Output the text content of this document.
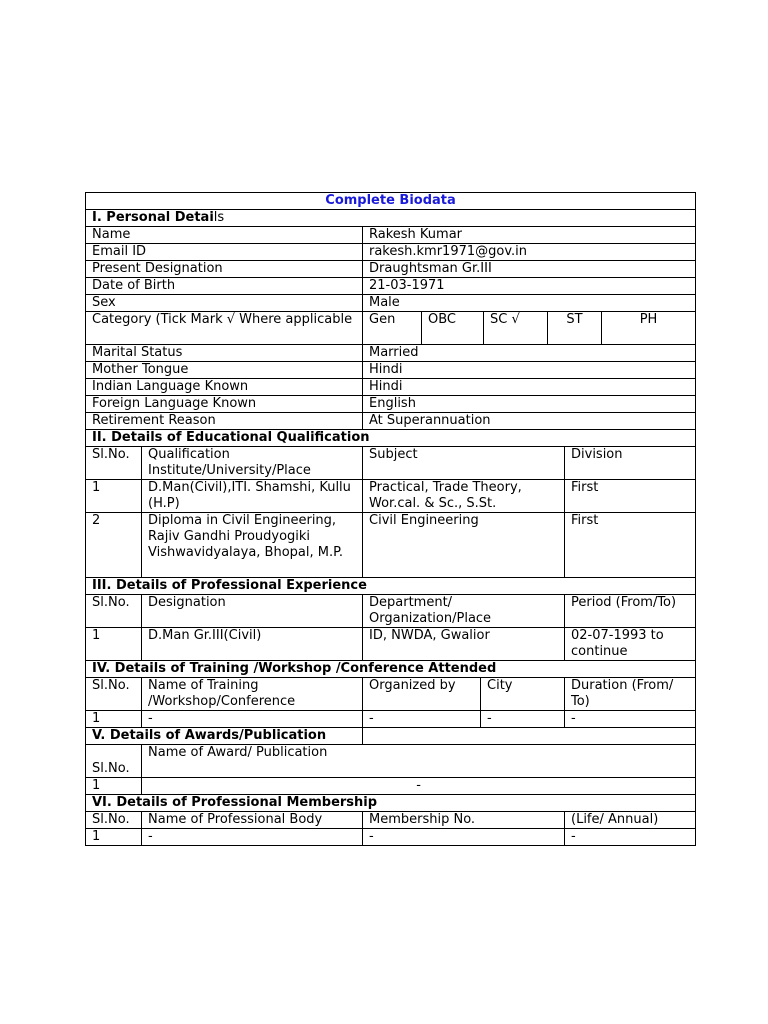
Complete Biodata				
I. Personal Details				
Name		Rakesh Kumar		
Email ID		rakesh.kmr1971@gov.in		
Present Designation		Draughtsman Gr.III		
Date of Birth		21-03-1971		
Sex		Male		
Category (Tick Mark √ Where applicable		Gen OBC SC √ ST PH		

Marital Status		Married		
Mother Tongue		Hindi		
Indian Language Known		Hindi		
Foreign Language Known		English		
Retirement Reason		At Superannuation		
II. Details of Educational Qualification				
Sl.No.	Qualification Institute/University/Place	Subject		Division
1	D.Man(Civil),ITI. Shamshi, Kullu (H.P)	Practical, Trade Theory, Wor.cal. & Sc., S.St.		First
2	Diploma in Civil Engineering, Rajiv Gandhi Proudyogiki Vishwavidyalaya, Bhopal, M.P.	Civil Engineering		First
III. Details of Professional Experience				
Sl.No.	Designation	Department/ Organization/Place		Period (From/To)
1	D.Man Gr.III(Civil)	ID, NWDA, Gwalior		02-07-1993 to continue
IV. Details of Training /Workshop /Conference Attended				
Sl.No.	Name of Training /Workshop/Conference	Organized by	City	Duration (From/ To)
1	-	-	-	-
V. Details of Awards/Publication				
Sl.No.	Name of Award/ Publication			
1	-			
VI. Details of Professional Membership				
Sl.No.	Name of Professional Body	Membership No.		(Life/ Annual)
1	-	-		-
